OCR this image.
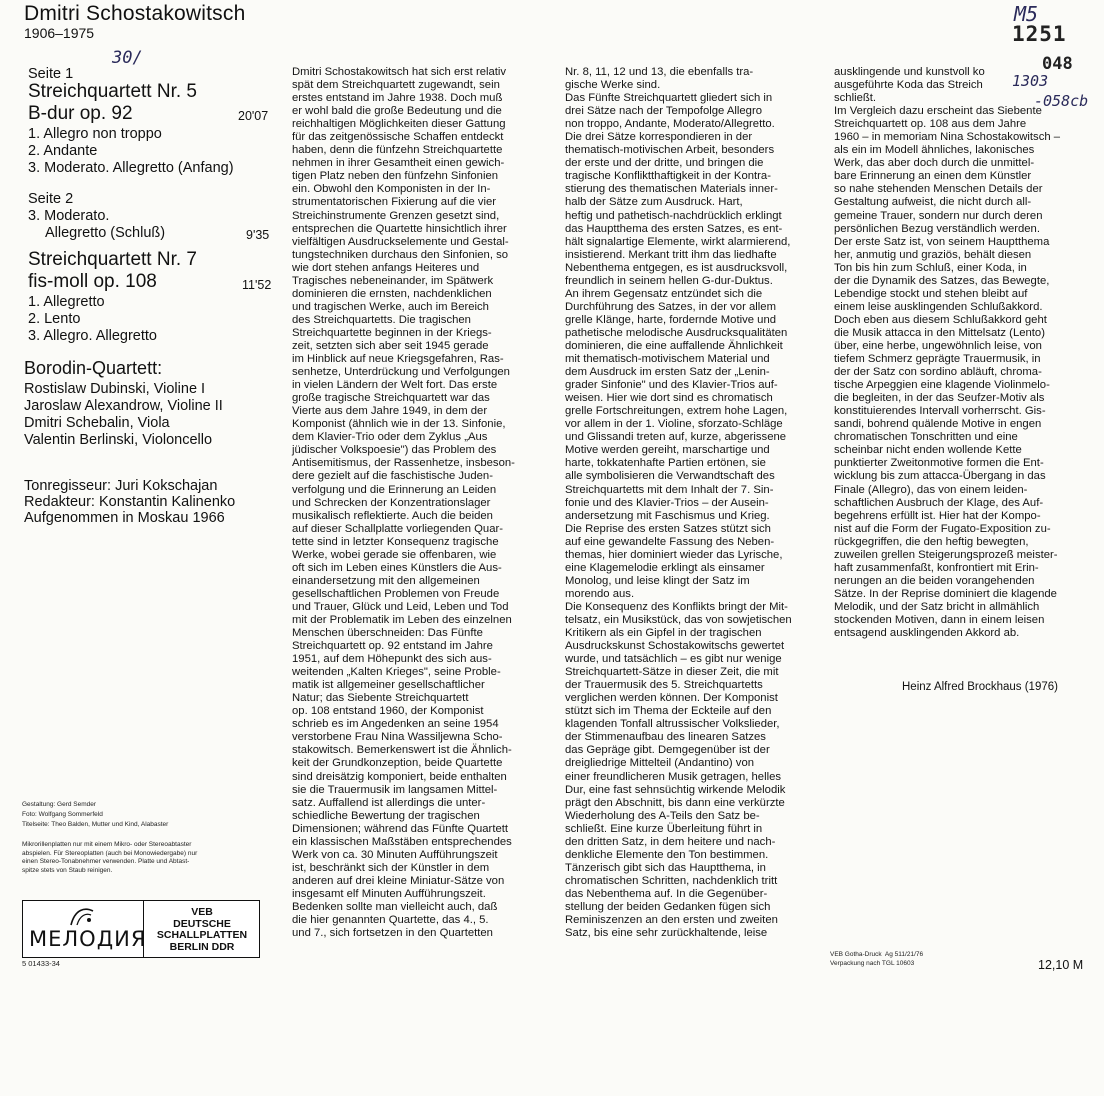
Dmitri Schostakowitsch
1906–1975
M5
1251
048
30/
1303
-058cb
Seite 1
Streichquartett Nr. 5
B-dur op. 92	20'07
1. Allegro non troppo
2. Andante
3. Moderato. Allegretto (Anfang)
Seite 2
3. Moderato.
Allegretto (Schluß)	9'35
Streichquartett Nr. 7
fis-moll op. 108	11'52
1. Allegretto
2. Lento
3. Allegro. Allegretto
Borodin-Quartett:
Rostislaw Dubinski, Violine I
Jaroslaw Alexandrow, Violine II
Dmitri Schebalin, Viola
Valentin Berlinski, Violoncello
Tonregisseur: Juri Kokschajan
Redakteur: Konstantin Kalinenko
Aufgenommen in Moskau 1966
Dmitri Schostakowitsch hat sich erst relativ
spät dem Streichquartett zugewandt, sein
erstes entstand im Jahre 1938. Doch muß
er wohl bald die große Bedeutung und die
reichhaltigen Möglichkeiten dieser Gattung
für das zeitgenössische Schaffen entdeckt
haben, denn die fünfzehn Streichquartette
nehmen in ihrer Gesamtheit einen gewich-
tigen Platz neben den fünfzehn Sinfonien
ein. Obwohl den Komponisten in der In-
strumentatorischen Fixierung auf die vier
Streichinstrumente Grenzen gesetzt sind,
entsprechen die Quartette hinsichtlich ihrer
vielfältigen Ausdruckselemente und Gestal-
tungstechniken durchaus den Sinfonien, so
wie dort stehen anfangs Heiteres und
Tragisches nebeneinander, im Spätwerk
dominieren die ernsten, nachdenklichen
und tragischen Werke, auch im Bereich
des Streichquartetts. Die tragischen
Streichquartette beginnen in der Kriegs-
zeit, setzten sich aber seit 1945 gerade
im Hinblick auf neue Kriegsgefahren, Ras-
senhetze, Unterdrückung und Verfolgungen
in vielen Ländern der Welt fort. Das erste
große tragische Streichquartett war das
Vierte aus dem Jahre 1949, in dem der
Komponist (ähnlich wie in der 13. Sinfonie,
dem Klavier-Trio oder dem Zyklus „Aus
jüdischer Volkspoesie") das Problem des
Antisemitismus, der Rassenhetze, insbeson-
dere gezielt auf die faschistische Juden-
verfolgung und die Erinnerung an Leiden
und Schrecken der Konzentrationslager
musikalisch reflektierte. Auch die beiden
auf dieser Schallplatte vorliegenden Quar-
tette sind in letzter Konsequenz tragische
Werke, wobei gerade sie offenbaren, wie
oft sich im Leben eines Künstlers die Aus-
einandersetzung mit den allgemeinen
gesellschaftlichen Problemen von Freude
und Trauer, Glück und Leid, Leben und Tod
mit der Problematik im Leben des einzelnen
Menschen überschneiden: Das Fünfte
Streichquartett op. 92 entstand im Jahre
1951, auf dem Höhepunkt des sich aus-
weitenden „Kalten Krieges", seine Proble-
matik ist allgemeiner gesellschaftlicher
Natur; das Siebente Streichquartett
op. 108 entstand 1960, der Komponist
schrieb es im Angedenken an seine 1954
verstorbene Frau Nina Wassiljewna Scho-
stakowitsch. Bemerkenswert ist die Ähnlich-
keit der Grundkonzeption, beide Quartette
sind dreisätzig komponiert, beide enthalten
sie die Trauermusik im langsamen Mittel-
satz. Auffallend ist allerdings die unter-
schiedliche Bewertung der tragischen
Dimensionen; während das Fünfte Quartett
ein klassischen Maßstäben entsprechendes
Werk von ca. 30 Minuten Aufführungszeit
ist, beschränkt sich der Künstler in dem
anderen auf drei kleine Miniatur-Sätze von
insgesamt elf Minuten Aufführungszeit.
Bedenken sollte man vielleicht auch, daß
die hier genannten Quartette, das 4., 5.
und 7., sich fortsetzen in den Quartetten
Nr. 8, 11, 12 und 13, die ebenfalls tra-
gische Werke sind.
Das Fünfte Streichquartett gliedert sich in
drei Sätze nach der Tempofolge Allegro
non troppo, Andante, Moderato/Allegretto.
Die drei Sätze korrespondieren in der
thematisch-motivischen Arbeit, besonders
der erste und der dritte, und bringen die
tragische Konfliktthaftigkeit in der Kontra-
stierung des thematischen Materials inner-
halb der Sätze zum Ausdruck. Hart,
heftig und pathetisch-nachdrücklich erklingt
das Hauptthema des ersten Satzes, es ent-
hält signalartige Elemente, wirkt alarmierend,
insistierend. Merkant tritt ihm das liedhafte
Nebenthema entgegen, es ist ausdrucksvoll,
freundlich in seinem hellen G-dur-Duktus.
An ihrem Gegensatz entzündet sich die
Durchführung des Satzes, in der vor allem
grelle Klänge, harte, fordernde Motive und
pathetische melodische Ausdrucksqualitäten
dominieren, die eine auffallende Ähnlichkeit
mit thematisch-motivischem Material und
dem Ausdruck im ersten Satz der „Lenin-
grader Sinfonie" und des Klavier-Trios auf-
weisen. Hier wie dort sind es chromatisch
grelle Fortschreitungen, extrem hohe Lagen,
vor allem in der 1. Violine, sforzato-Schläge
und Glissandi treten auf, kurze, abgerissene
Motive werden gereiht, marschartige und
harte, tokkatenhafte Partien ertönen, sie
alle symbolisieren die Verwandtschaft des
Streichquartetts mit dem Inhalt der 7. Sin-
fonie und des Klavier-Trios – der Ausein-
andersetzung mit Faschismus und Krieg.
Die Reprise des ersten Satzes stützt sich
auf eine gewandelte Fassung des Neben-
themas, hier dominiert wieder das Lyrische,
eine Klagemelodie erklingt als einsamer
Monolog, und leise klingt der Satz im
morendo aus.
Die Konsequenz des Konflikts bringt der Mit-
telsatz, ein Musikstück, das von sowjetischen
Kritikern als ein Gipfel in der tragischen
Ausdruckskunst Schostakowitschs gewertet
wurde, und tatsächlich – es gibt nur wenige
Streichquartett-Sätze in dieser Zeit, die mit
der Trauermusik des 5. Streichquartetts
verglichen werden können. Der Komponist
stützt sich im Thema der Eckteile auf den
klagenden Tonfall altrussischer Volkslieder,
der Stimmenaufbau des linearen Satzes
das Gepräge gibt. Demgegenüber ist der
dreigliedrige Mittelteil (Andantino) von
einer freundlicheren Musik getragen, helles
Dur, eine fast sehnsüchtig wirkende Melodik
prägt den Abschnitt, bis dann eine verkürzte
Wiederholung des A-Teils den Satz be-
schließt. Eine kurze Überleitung führt in
den dritten Satz, in dem heitere und nach-
denkliche Elemente den Ton bestimmen.
Tänzerisch gibt sich das Hauptthema, in
chromatischen Schritten, nachdenklich tritt
das Nebenthema auf. In die Gegenüber-
stellung der beiden Gedanken fügen sich
Reminiszenzen an den ersten und zweiten
Satz, bis eine sehr zurückhaltende, leise
ausklingende und kunstvoll ko
ausgeführte Koda das Streich
schließt.
Im Vergleich dazu erscheint das Siebente
Streichquartett op. 108 aus dem Jahre
1960 – in memoriam Nina Schostakowitsch –
als ein im Modell ähnliches, lakonisches
Werk, das aber doch durch die unmittel-
bare Erinnerung an einen dem Künstler
so nahe stehenden Menschen Details der
Gestaltung aufweist, die nicht durch all-
gemeine Trauer, sondern nur durch deren
persönlichen Bezug verständlich werden.
Der erste Satz ist, von seinem Hauptthema
her, anmutig und graziös, behält diesen
Ton bis hin zum Schluß, einer Koda, in
der die Dynamik des Satzes, das Bewegte,
Lebendige stockt und stehen bleibt auf
einem leise ausklingenden Schlußakkord.
Doch eben aus diesem Schlußakkord geht
die Musik attacca in den Mittelsatz (Lento)
über, eine herbe, ungewöhnlich leise, von
tiefem Schmerz geprägte Trauermusik, in
der der Satz con sordino abläuft, chroma-
tische Arpeggien eine klagende Violinmelo-
die begleiten, in der das Seufzer-Motiv als
konstituierendes Intervall vorherrscht. Gis-
sandi, bohrend quälende Motive in engen
chromatischen Tonschritten und eine
scheinbar nicht enden wollende Kette
punktierter Zweitonmotive formen die Ent-
wicklung bis zum attacca-Übergang in das
Finale (Allegro), das von einem leiden-
schaftlichen Ausbruch der Klage, des Auf-
begehrens erfüllt ist. Hier hat der Kompo-
nist auf die Form der Fugato-Exposition zu-
rückgegriffen, die den heftig bewegten,
zuweilen grellen Steigerungsprozeß meister-
haft zusammenfaßt, konfrontiert mit Erin-
nerungen an die beiden vorangehenden
Sätze. In der Reprise dominiert die klagende
Melodik, und der Satz bricht in allmählich
stockenden Motiven, dann in einem leisen
entsagend ausklingenden Akkord ab.
Heinz Alfred Brockhaus (1976)
Gestaltung: Gerd Semder
Foto: Wolfgang Sommerfeld
Titelseite: Theo Balden, Mutter und Kind, Alabaster
Mikrorillenplatten nur mit einem Mikro- oder Stereoabtaster
abspielen. Für Stereoplatten (auch bei Monowiedergabe) nur
einen Stereo-Tonabnehmer verwenden. Platte und Abtast-
spitze stets von Staub reinigen.
МЕЛОДИЯ
VEB
DEUTSCHE
SCHALLPLATTEN
BERLIN DDR
5 01433-34
VEB Gotha-Druck  Ag 511/21/76
Verpackung nach TGL 10603	12,10 M
